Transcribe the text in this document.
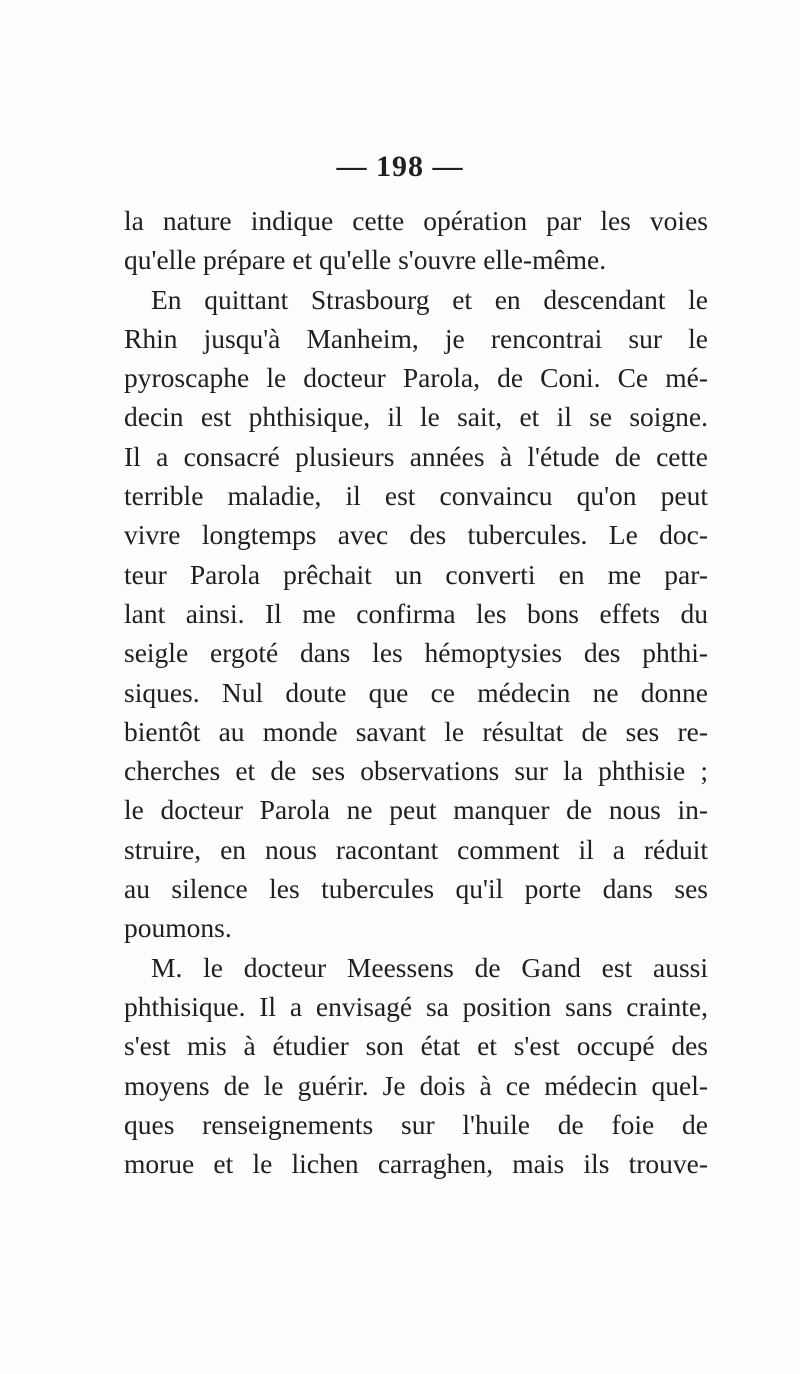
— 198 —
la nature indique cette opération par les voies
qu'elle prépare et qu'elle s'ouvre elle-même.
En quittant Strasbourg et en descendant le
Rhin jusqu'à Manheim, je rencontrai sur le
pyroscaphe le docteur Parola, de Coni. Ce mé-
decin est phthisique, il le sait, et il se soigne.
Il a consacré plusieurs années à l'étude de cette
terrible maladie, il est convaincu qu'on peut
vivre longtemps avec des tubercules. Le doc-
teur Parola prêchait un converti en me par-
lant ainsi. Il me confirma les bons effets du
seigle ergoté dans les hémoptysies des phthi-
siques. Nul doute que ce médecin ne donne
bientôt au monde savant le résultat de ses re-
cherches et de ses observations sur la phthisie ;
le docteur Parola ne peut manquer de nous in-
struire, en nous racontant comment il a réduit
au silence les tubercules qu'il porte dans ses
poumons.
M. le docteur Meessens de Gand est aussi
phthisique. Il a envisagé sa position sans crainte,
s'est mis à étudier son état et s'est occupé des
moyens de le guérir. Je dois à ce médecin quel-
ques renseignements sur l'huile de foie de
morue et le lichen carraghen, mais ils trouve-
